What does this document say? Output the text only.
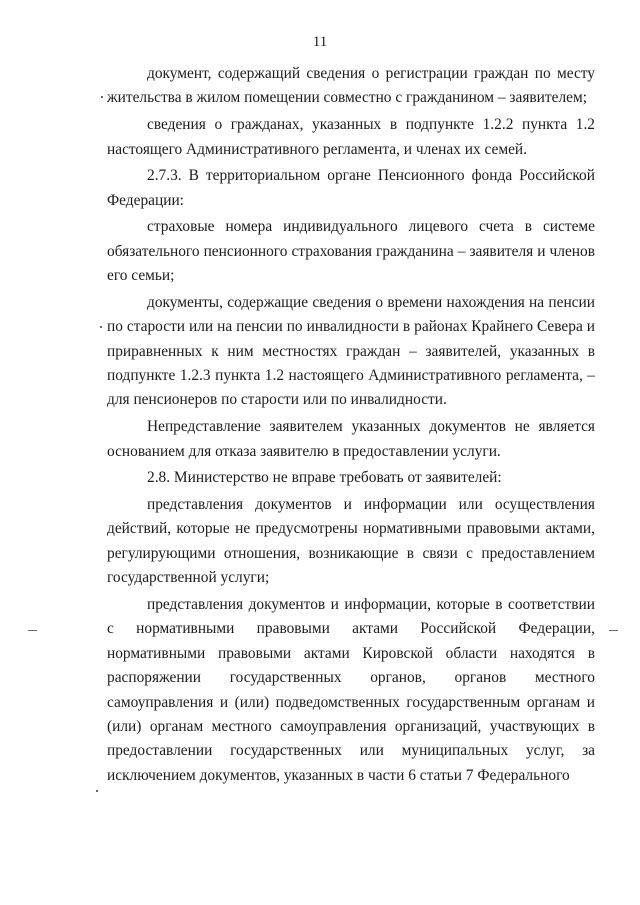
11

документ, содержащий сведения о регистрации граждан по месту жительства в жилом помещении совместно с гражданином – заявителем;

сведения о гражданах, указанных в подпункте 1.2.2 пункта 1.2 настоящего Административного регламента, и членах их семей.

2.7.3. В территориальном органе Пенсионного фонда Российской Федерации:

страховые номера индивидуального лицевого счета в системе обязательного пенсионного страхования гражданина – заявителя и членов его семьи;

документы, содержащие сведения о времени нахождения на пенсии по старости или на пенсии по инвалидности в районах Крайнего Севера и приравненных к ним местностях граждан – заявителей, указанных в подпункте 1.2.3 пункта 1.2 настоящего Административного регламента, – для пенсионеров по старости или по инвалидности.

Непредставление заявителем указанных документов не является основанием для отказа заявителю в предоставлении услуги.

2.8. Министерство не вправе требовать от заявителей:

представления документов и информации или осуществления действий, которые не предусмотрены нормативными правовыми актами, регулирующими отношения, возникающие в связи с предоставлением государственной услуги;

представления документов и информации, которые в соответствии с нормативными правовыми актами Российской Федерации, нормативными правовыми актами Кировской области находятся в распоряжении государственных органов, органов местного самоуправления и (или) подведомственных государственным органам и (или) органам местного самоуправления организаций, участвующих в предоставлении государственных или муниципальных услуг, за исключением документов, указанных в части 6 статьи 7 Федерального
